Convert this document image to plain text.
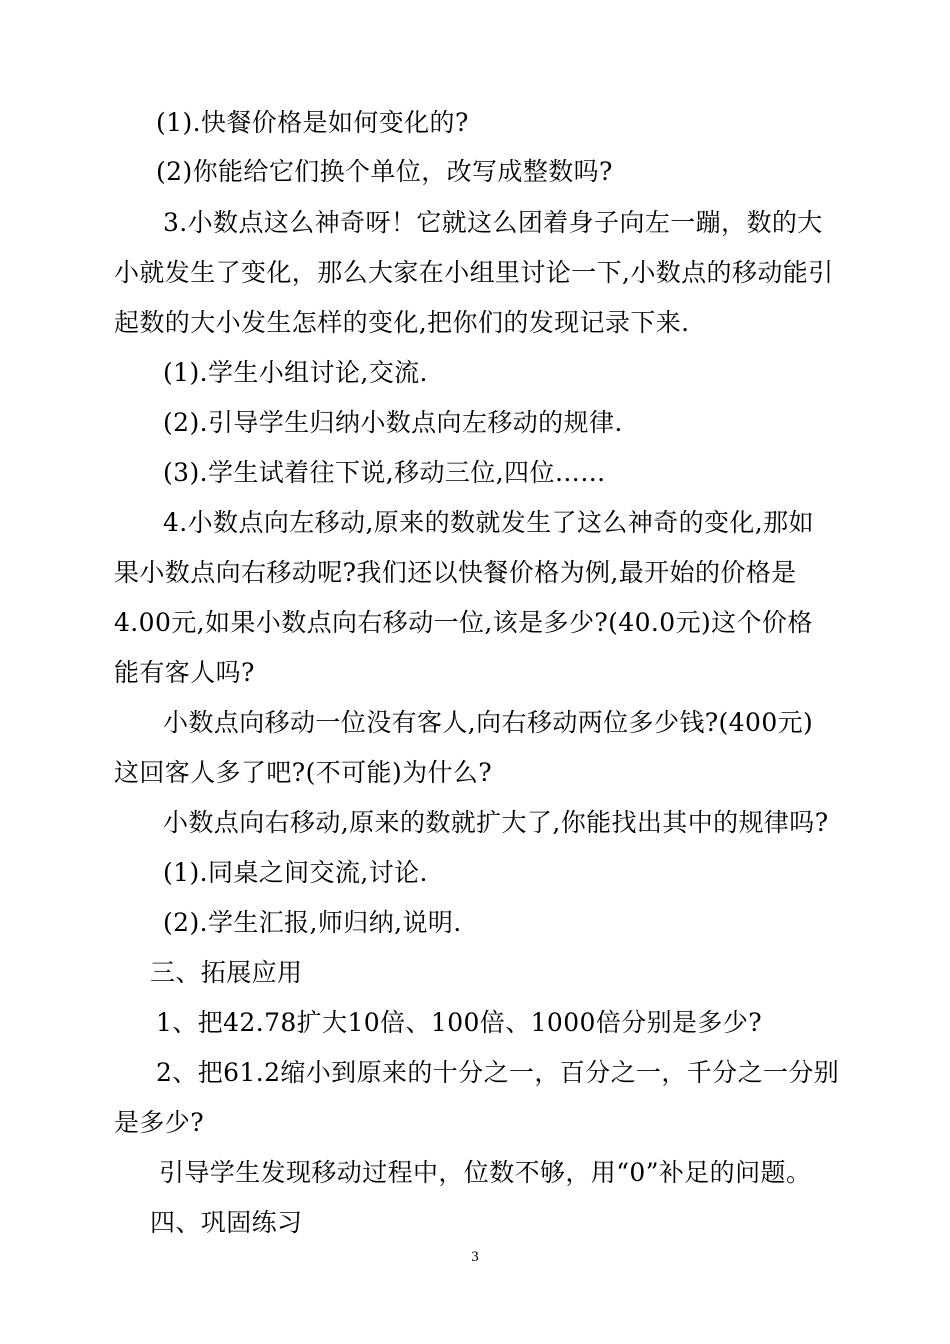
(1).快餐价格是如何变化的?
(2)你能给它们换个单位，改写成整数吗?
3.小数点这么神奇呀！它就这么团着身子向左一蹦，数的大
小就发生了变化，那么大家在小组里讨论一下,小数点的移动能引
起数的大小发生怎样的变化,把你们的发现记录下来.
(1).学生小组讨论,交流.
(2).引导学生归纳小数点向左移动的规律.
(3).学生试着往下说,移动三位,四位……
4.小数点向左移动,原来的数就发生了这么神奇的变化,那如
果小数点向右移动呢?我们还以快餐价格为例,最开始的价格是
4.00元,如果小数点向右移动一位,该是多少?(40.0元)这个价格
能有客人吗?
小数点向移动一位没有客人,向右移动两位多少钱?(400元)
这回客人多了吧?(不可能)为什么?
小数点向右移动,原来的数就扩大了,你能找出其中的规律吗?
(1).同桌之间交流,讨论.
(2).学生汇报,师归纳,说明.
三、拓展应用
1、把42.78扩大10倍、100倍、1000倍分别是多少?
2、把61.2缩小到原来的十分之一，百分之一，千分之一分别
是多少?
引导学生发现移动过程中，位数不够，用“0”补足的问题。
四、巩固练习
3
